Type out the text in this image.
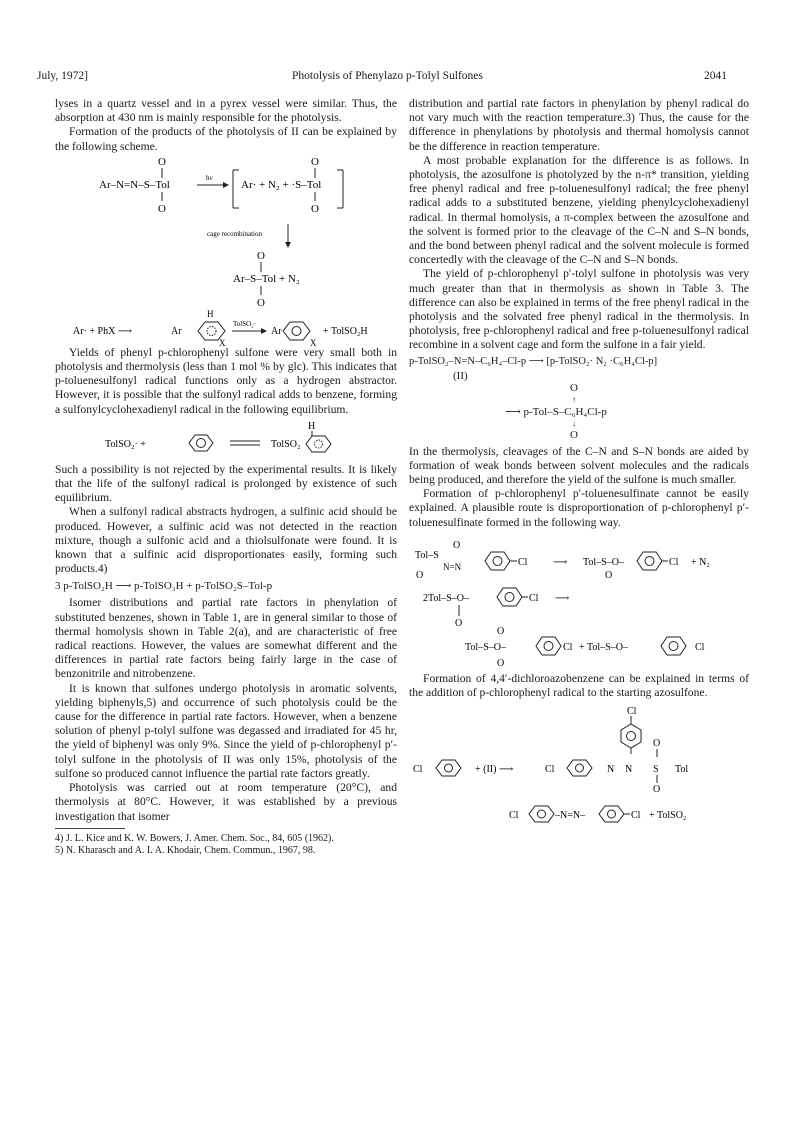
July, 1972]	Photolysis of Phenylazo p-Tolyl Sulfones	2041

lyses in a quartz vessel and in a pyrex vessel were similar. Thus, the absorption at 430 nm is mainly responsible for the photolysis.

Formation of the products of the photolysis of II can be explained by the following scheme.

O
Ar–N=N–S–Tol
O
hν
Ar· + N₂ + ·S–Tol
O
O
cage recombination
O
Ar–S–Tol + N₂
O
Ar· + PhX ⟶	Ar
H
X
TolSO₂·
Ar
X
+ TolSO₂H

Yields of phenyl p-chlorophenyl sulfone were very small both in photolysis and thermolysis (less than 1 mol % by glc). This indicates that p-toluenesulfonyl radical functions only as a hydrogen abstractor. However, it is possible that the sulfonyl radical adds to benzene, forming a sulfonylcyclohexadienyl radical in the following equilibrium.

TolSO₂· +	TolSO₂
H

Such a possibility is not rejected by the experimental results. It is likely that the life of the sulfonyl radical is prolonged by existence of such equilibrium.

When a sulfonyl radical abstracts hydrogen, a sulfinic acid should be produced. However, a sulfinic acid was not detected in the reaction mixture, though a sulfonic acid and a thiolsulfonate were found. It is known that a sulfinic acid disproportionates easily, forming such products.4)

3 p-TolSO₂H ⟶ p-TolSO₃H + p-TolSO₂S–Tol-p

Isomer distributions and partial rate factors in phenylation of substituted benzenes, shown in Table 1, are in general similar to those of thermal homolysis shown in Table 2(a), and are characteristic of free radical reactions. However, the values are somewhat different and the differences in partial rate factors being fairly large in the case of benzonitrile and nitrobenzene.

It is known that sulfones undergo photolysis in aromatic solvents, yielding biphenyls,5) and occurrence of such photolysis could be the cause for the difference in partial rate factors. However, when a benzene solution of phenyl p-tolyl sulfone was degassed and irradiated for 45 hr, the yield of biphenyl was only 9%. Since the yield of p-chlorophenyl p′-tolyl sulfone in the photolysis of II was only 15%, photolysis of the sulfone so produced cannot influence the partial rate factors greatly.

Photolysis was carried out at room temperature (20°C), and thermolysis at 80°C. However, it was established by a previous investigation that isomer

4) J. L. Kice and K. W. Bowers, J. Amer. Chem. Soc., 84, 605 (1962).

5) N. Kharasch and A. I. A. Khodair, Chem. Commun., 1967, 98.

distribution and partial rate factors in phenylation by phenyl radical do not vary much with the reaction temperature.3) Thus, the cause for the difference in phenylations by photolysis and thermal homolysis cannot be the difference in reaction temperature.

A most probable explanation for the difference is as follows. In photolysis, the azosulfone is photolyzed by the n-π* transition, yielding free phenyl radical and free p-toluenesulfonyl radical; the free phenyl radical adds to a substituted benzene, yielding phenylcyclohexadienyl radical. In thermal homolysis, a π-complex between the azosulfone and the solvent is formed prior to the cleavage of the C–N and S–N bonds, and the bond between phenyl radical and the solvent molecule is formed concertedly with the cleavage of the C–N and S–N bonds.

The yield of p-chlorophenyl p′-tolyl sulfone in photolysis was very much greater than that in thermolysis as shown in Table 3. The difference can also be explained in terms of the free phenyl radical in the photolysis and the solvated free phenyl radical in the thermolysis. In photolysis, free p-chlorophenyl radical and free p-toluenesulfonyl radical recombine in a solvent cage and form the sulfone in a fair yield.

p-TolSO₂–N=N–C₆H₄–Cl-p ⟶ [p-TolSO₂· N₂ ·C₆H₄Cl-p]
(II)
O
↑
⟶ p-Tol–S–C₆H₄Cl-p
↓
O

In the thermolysis, cleavages of the C–N and S–N bonds are aided by formation of weak bonds between solvent molecules and the radicals being produced, and therefore the yield of the sulfone is much smaller.

Formation of p-chlorophenyl p′-toluenesulfinate cannot be easily explained. A plausible route is disproportionation of p-chlorophenyl p′-toluenesulfinate formed in the following way.

Tol–S
O
O
N=N	Cl	⟶ Tol–S–O–
O
Cl + N₂
2Tol–S–O–
O
Cl ⟶
O
Tol–S–O–
O
Cl + Tol–S–O–	Cl

Formation of 4,4′-dichloroazobenzene can be explained in terms of the addition of p-chlorophenyl radical to the starting azosulfone.

Cl
O
Cl	+ (II) ⟶	Cl	N N S Tol
O
Cl	–N=N–	Cl + TolSO₂
